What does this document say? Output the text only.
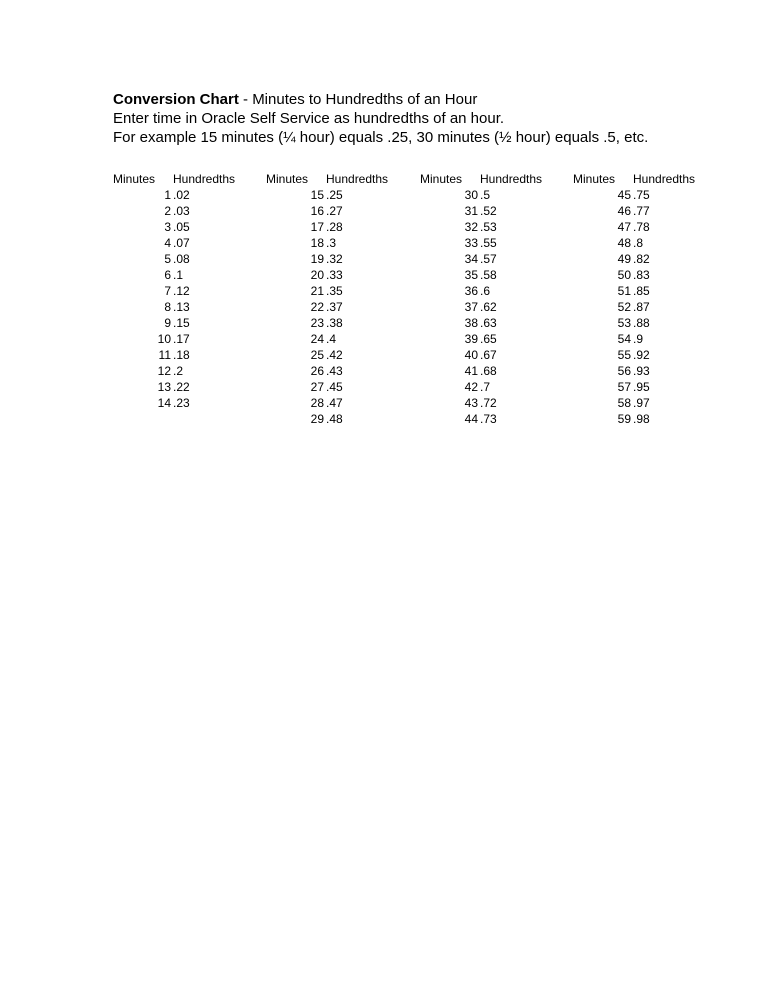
Conversion Chart - Minutes to Hundredths of an Hour
Enter time in Oracle Self Service as hundredths of an hour.
For example 15 minutes (¼ hour) equals .25, 30 minutes (½ hour) equals .5, etc.
Minutes Hundredths
1 .02
2 .03
3 .05
4 .07
5 .08
6 .1
7 .12
8 .13
9 .15
10 .17
11 .18
12 .2
13 .22
14 .23
Minutes Hundredths
15 .25
16 .27
17 .28
18 .3
19 .32
20 .33
21 .35
22 .37
23 .38
24 .4
25 .42
26 .43
27 .45
28 .47
29 .48
Minutes Hundredths
30 .5
31 .52
32 .53
33 .55
34 .57
35 .58
36 .6
37 .62
38 .63
39 .65
40 .67
41 .68
42 .7
43 .72
44 .73
Minutes Hundredths
45 .75
46 .77
47 .78
48 .8
49 .82
50 .83
51 .85
52 .87
53 .88
54 .9
55 .92
56 .93
57 .95
58 .97
59 .98
